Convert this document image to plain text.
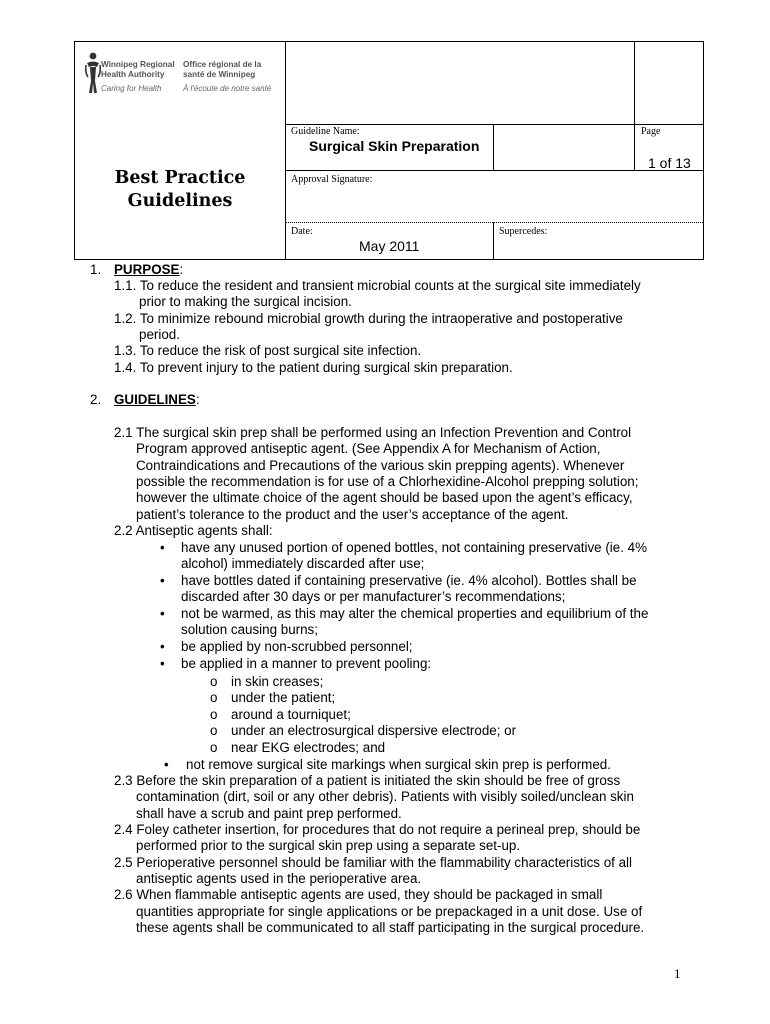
Winnipeg Regional
Health Authority
Office régional de la
santé de Winnipeg
Caring for Health	À l'écoute de notre santé
Best Practice
Guidelines
Guideline Name:
Surgical Skin Preparation
Page
1 of 13
Approval Signature:
Date:
May 2011
Supercedes:
1. PURPOSE:
1.1. To reduce the resident and transient microbial counts at the surgical site immediately
prior to making the surgical incision.
1.2. To minimize rebound microbial growth during the intraoperative and postoperative
period.
1.3. To reduce the risk of post surgical site infection.
1.4. To prevent injury to the patient during surgical skin preparation.
2. GUIDELINES:
2.1 The surgical skin prep shall be performed using an Infection Prevention and Control
Program approved antiseptic agent. (See Appendix A for Mechanism of Action,
Contraindications and Precautions of the various skin prepping agents). Whenever
possible the recommendation is for use of a Chlorhexidine-Alcohol prepping solution;
however the ultimate choice of the agent should be based upon the agent’s efficacy,
patient’s tolerance to the product and the user’s acceptance of the agent.
2.2 Antiseptic agents shall:
• have any unused portion of opened bottles, not containing preservative (ie. 4%
alcohol) immediately discarded after use;
• have bottles dated if containing preservative (ie. 4% alcohol). Bottles shall be
discarded after 30 days or per manufacturer’s recommendations;
• not be warmed, as this may alter the chemical properties and equilibrium of the
solution causing burns;
• be applied by non-scrubbed personnel;
• be applied in a manner to prevent pooling:
o in skin creases;
o under the patient;
o around a tourniquet;
o under an electrosurgical dispersive electrode; or
o near EKG electrodes; and
• not remove surgical site markings when surgical skin prep is performed.
2.3 Before the skin preparation of a patient is initiated the skin should be free of gross
contamination (dirt, soil or any other debris). Patients with visibly soiled/unclean skin
shall have a scrub and paint prep performed.
2.4 Foley catheter insertion, for procedures that do not require a perineal prep, should be
performed prior to the surgical skin prep using a separate set-up.
2.5 Perioperative personnel should be familiar with the flammability characteristics of all
antiseptic agents used in the perioperative area.
2.6 When flammable antiseptic agents are used, they should be packaged in small
quantities appropriate for single applications or be prepackaged in a unit dose. Use of
these agents shall be communicated to all staff participating in the surgical procedure.
1
